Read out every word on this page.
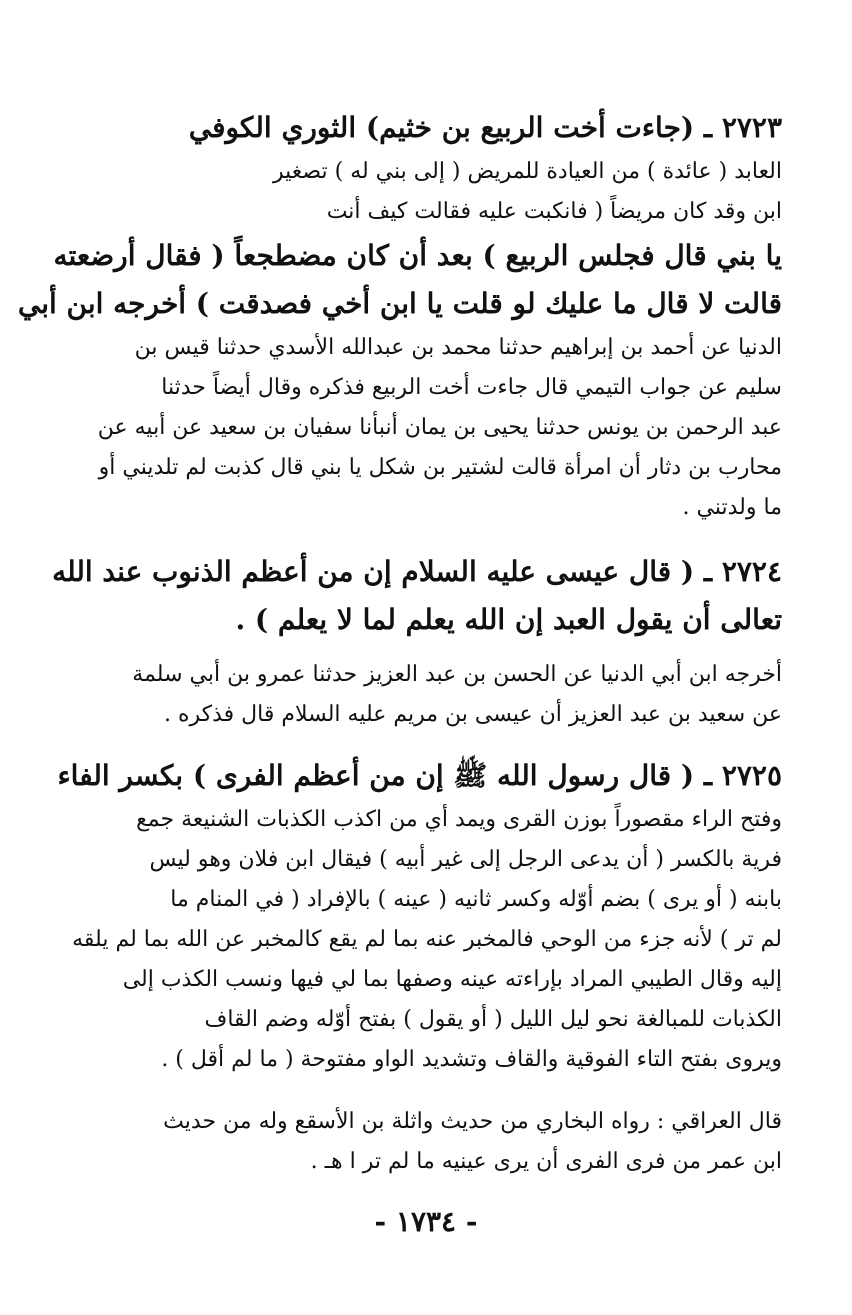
٢٧٢٣ ـ (جاءت أخت الربيع بن خثيم) الثوري الكوفي
العابد ( عائدة ) من العيادة للمريض ( إلى بني له ) تصغير
ابن وقد كان مريضاً ( فانكبت عليه فقالت كيف أنت
يا بني قال فجلس الربيع ) بعد أن كان مضطجعاً ( فقال أرضعته
قالت لا قال ما عليك لو قلت يا ابن أخي فصدقت ) أخرجه ابن أبي
الدنيا عن أحمد بن إبراهيم حدثنا محمد بن عبدالله الأسدي حدثنا قيس بن
سليم عن جواب التيمي قال جاءت أخت الربيع فذكره وقال أيضاً حدثنا
عبد الرحمن بن يونس حدثنا يحيى بن يمان أنبأنا سفيان بن سعيد عن أبيه عن
محارب بن دثار أن امرأة قالت لشتير بن شكل يا بني قال كذبت لم تلديني أو
ما ولدتني .
٢٧٢٤ ـ ( قال عيسى عليه السلام إن من أعظم الذنوب عند الله
تعالى أن يقول العبد إن الله يعلم لما لا يعلم ) .
أخرجه ابن أبي الدنيا عن الحسن بن عبد العزيز حدثنا عمرو بن أبي سلمة
عن سعيد بن عبد العزيز أن عيسى بن مريم عليه السلام قال فذكره .
٢٧٢٥ ـ ( قال رسول الله ﷺ إن من أعظم الفرى ) بكسر الفاء
وفتح الراء مقصوراً بوزن القرى ويمد أي من اكذب الكذبات الشنيعة جمع
فرية بالكسر ( أن يدعى الرجل إلى غير أبيه ) فيقال ابن فلان وهو ليس
بابنه ( أو يرى ) بضم أوّله وكسر ثانيه ( عينه ) بالإفراد ( في المنام ما
لم تر ) لأنه جزء من الوحي فالمخبر عنه بما لم يقع كالمخبر عن الله بما لم يلقه
إليه وقال الطيبي المراد بإراءته عينه وصفها بما لي فيها ونسب الكذب إلى
الكذبات للمبالغة نحو ليل الليل ( أو يقول ) بفتح أوّله وضم القاف
ويروى بفتح التاء الفوقية والقاف وتشديد الواو مفتوحة ( ما لم أقل ) .
قال العراقي : رواه البخاري من حديث واثلة بن الأسقع وله من حديث
ابن عمر من فرى الفرى أن يرى عينيه ما لم تر ا هـ .
- ١٧٣٤ -
